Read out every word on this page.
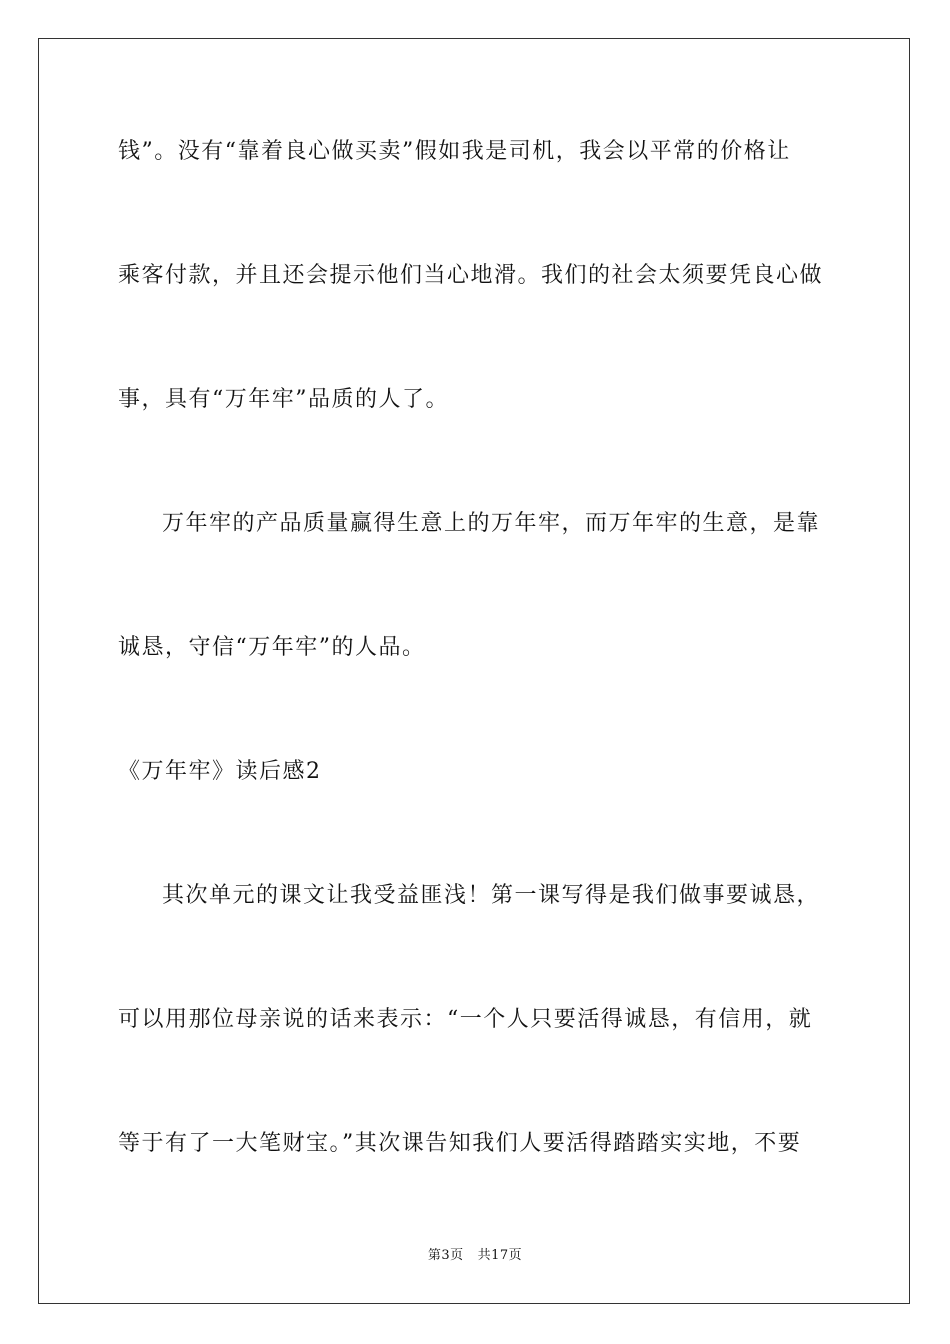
钱”。没有“靠着良心做买卖”假如我是司机，我会以平常的价格让
乘客付款，并且还会提示他们当心地滑。我们的社会太须要凭良心做
事，具有“万年牢”品质的人了。
万年牢的产品质量赢得生意上的万年牢，而万年牢的生意，是靠
诚恳，守信“万年牢”的人品。
《万年牢》读后感2
其次单元的课文让我受益匪浅！第一课写得是我们做事要诚恳，
可以用那位母亲说的话来表示：“一个人只要活得诚恳，有信用，就
等于有了一大笔财宝。”其次课告知我们人要活得踏踏实实地，不要
第3页 共17页
